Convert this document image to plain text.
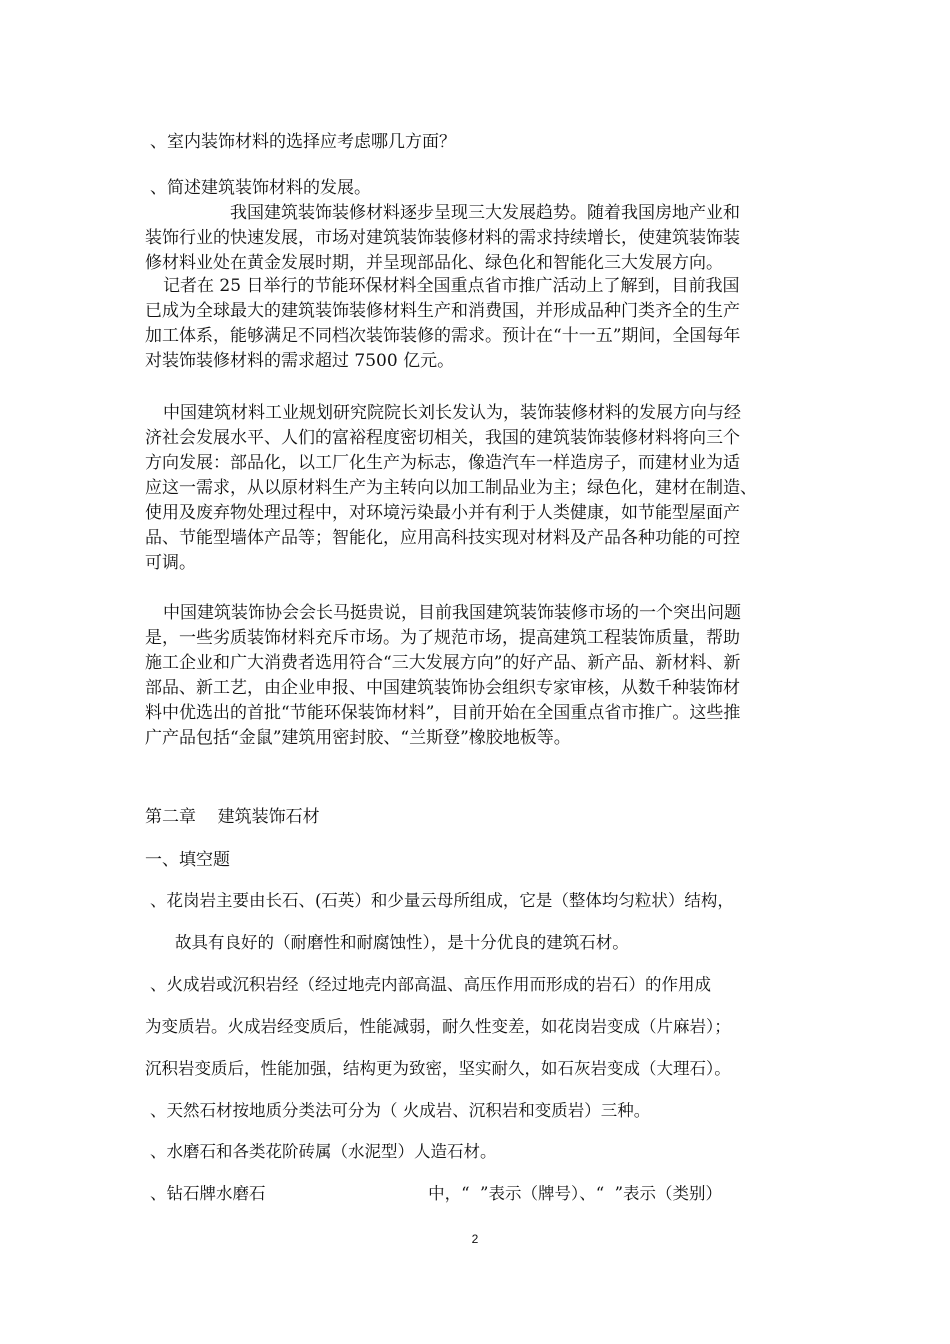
、室内装饰材料的选择应考虑哪几方面？
、简述建筑装饰材料的发展。
我国建筑装饰装修材料逐步呈现三大发展趋势。随着我国房地产业和
装饰行业的快速发展，市场对建筑装饰装修材料的需求持续增长，使建筑装饰装
修材料业处在黄金发展时期，并呈现部品化、绿色化和智能化三大发展方向。
记者在 25 日举行的节能环保材料全国重点省市推广活动上了解到，目前我国
已成为全球最大的建筑装饰装修材料生产和消费国，并形成品种门类齐全的生产
加工体系，能够满足不同档次装饰装修的需求。预计在“十一五”期间，全国每年
对装饰装修材料的需求超过 7500 亿元。
中国建筑材料工业规划研究院院长刘长发认为，装饰装修材料的发展方向与经
济社会发展水平、人们的富裕程度密切相关，我国的建筑装饰装修材料将向三个
方向发展：部品化，以工厂化生产为标志，像造汽车一样造房子，而建材业为适
应这一需求，从以原材料生产为主转向以加工制品业为主；绿色化，建材在制造、
使用及废弃物处理过程中，对环境污染最小并有利于人类健康，如节能型屋面产
品、节能型墙体产品等；智能化，应用高科技实现对材料及产品各种功能的可控
可调。
中国建筑装饰协会会长马挺贵说，目前我国建筑装饰装修市场的一个突出问题
是，一些劣质装饰材料充斥市场。为了规范市场，提高建筑工程装饰质量，帮助
施工企业和广大消费者选用符合“三大发展方向”的好产品、新产品、新材料、新
部品、新工艺，由企业申报、中国建筑装饰协会组织专家审核，从数千种装饰材
料中优选出的首批“节能环保装饰材料”，目前开始在全国重点省市推广。这些推
广产品包括“金鼠”建筑用密封胶、“兰斯登”橡胶地板等。
第二章    建筑装饰石材
一、填空题
、花岗岩主要由长石、(石英）和少量云母所组成，它是（整体均匀粒状）结构，
故具有良好的（耐磨性和耐腐蚀性），是十分优良的建筑石材。
、火成岩或沉积岩经（经过地壳内部高温、高压作用而形成的岩石）的作用成
为变质岩。火成岩经变质后，性能减弱，耐久性变差，如花岗岩变成（片麻岩）；
沉积岩变质后，性能加强，结构更为致密，坚实耐久，如石灰岩变成（大理石）。
、天然石材按地质分类法可分为（ 火成岩、沉积岩和变质岩）三种。
、水磨石和各类花阶砖属（水泥型）人造石材。
、钻石牌水磨石                               中，“  ”表示（牌号）、“  ”表示（类别）
2
